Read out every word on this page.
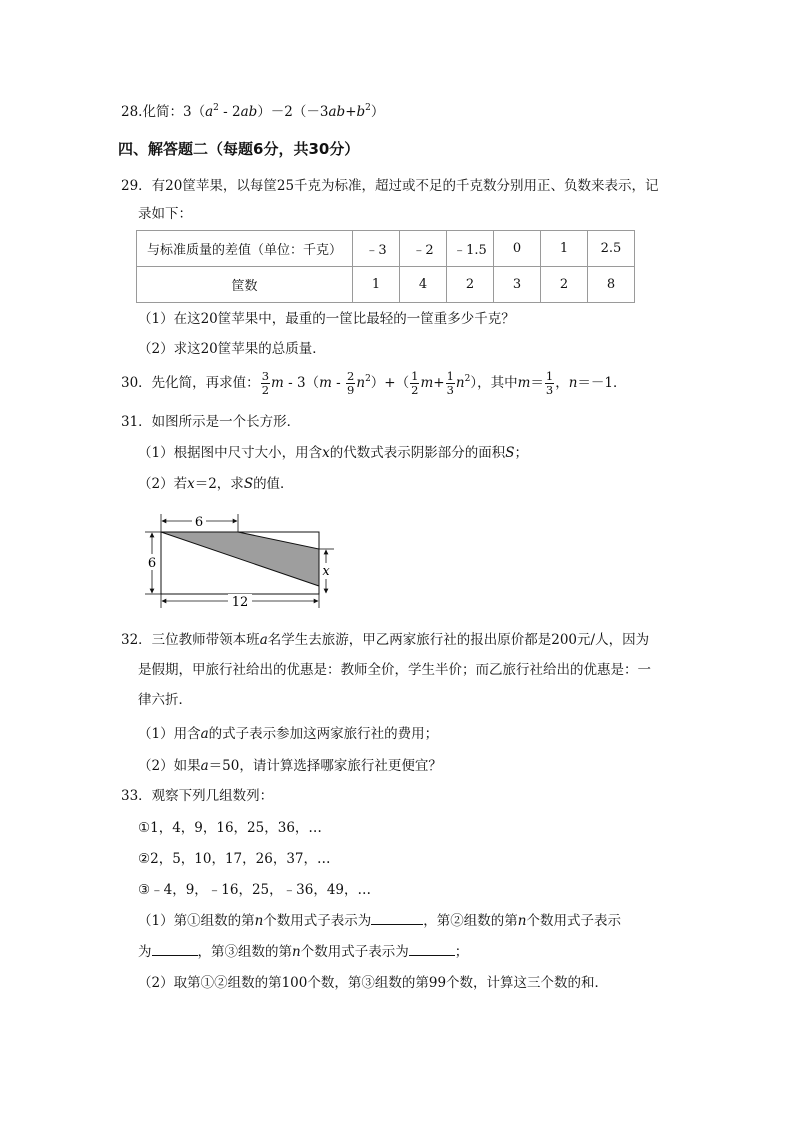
28.化简：$3(a^2 - 2ab)-2(-3ab+b^2)$
四、解答题二（每题6分，共30分）
29．有20筐苹果，以每筐25千克为标准，超过或不足的千克数分别用正、负数来表示，记
录如下：
与标准质量的差值（单位：千克）	﹣3	﹣2	﹣1.5	0	1	2.5
筐数	1	4	2	3	2	8
（1）在这20筐苹果中，最重的一筐比最轻的一筐重多少千克？
（2）求这20筐苹果的总质量．
30．先化简，再求值： $\frac{3}{2}$ $m - 3(m - \frac{2}{9} n^2)+( \frac{1}{2} m+ \frac{1}{3} n^2)$，其中$m= \frac{1}{3}$ ，n＝－1．
31．如图所示是一个长方形．
（1）根据图中尺寸大小，用含x的代数式表示阴影部分的面积S；
（2）若x＝2，求S的值．
6
6
x
12
32．三位教师带领本班a名学生去旅游，甲乙两家旅行社的报出原价都是200元/人，因为
是假期，甲旅行社给出的优惠是：教师全价，学生半价；而乙旅行社给出的优惠是：一
律六折．
（1）用含a的式子表示参加这两家旅行社的费用；
（2）如果a＝50，请计算选择哪家旅行社更便宜？
33．观察下列几组数列：
①1，4，9，16，25，36，…
②2，5，10，17，26，37，…
③﹣4，9，﹣16，25，﹣36，49，…
（1）第①组数的第n个数用式子表示为	，第②组数的第n个数用式子表示
为	，第③组数的第n个数用式子表示为	；
（2）取第①②组数的第100个数，第③组数的第99个数，计算这三个数的和．
